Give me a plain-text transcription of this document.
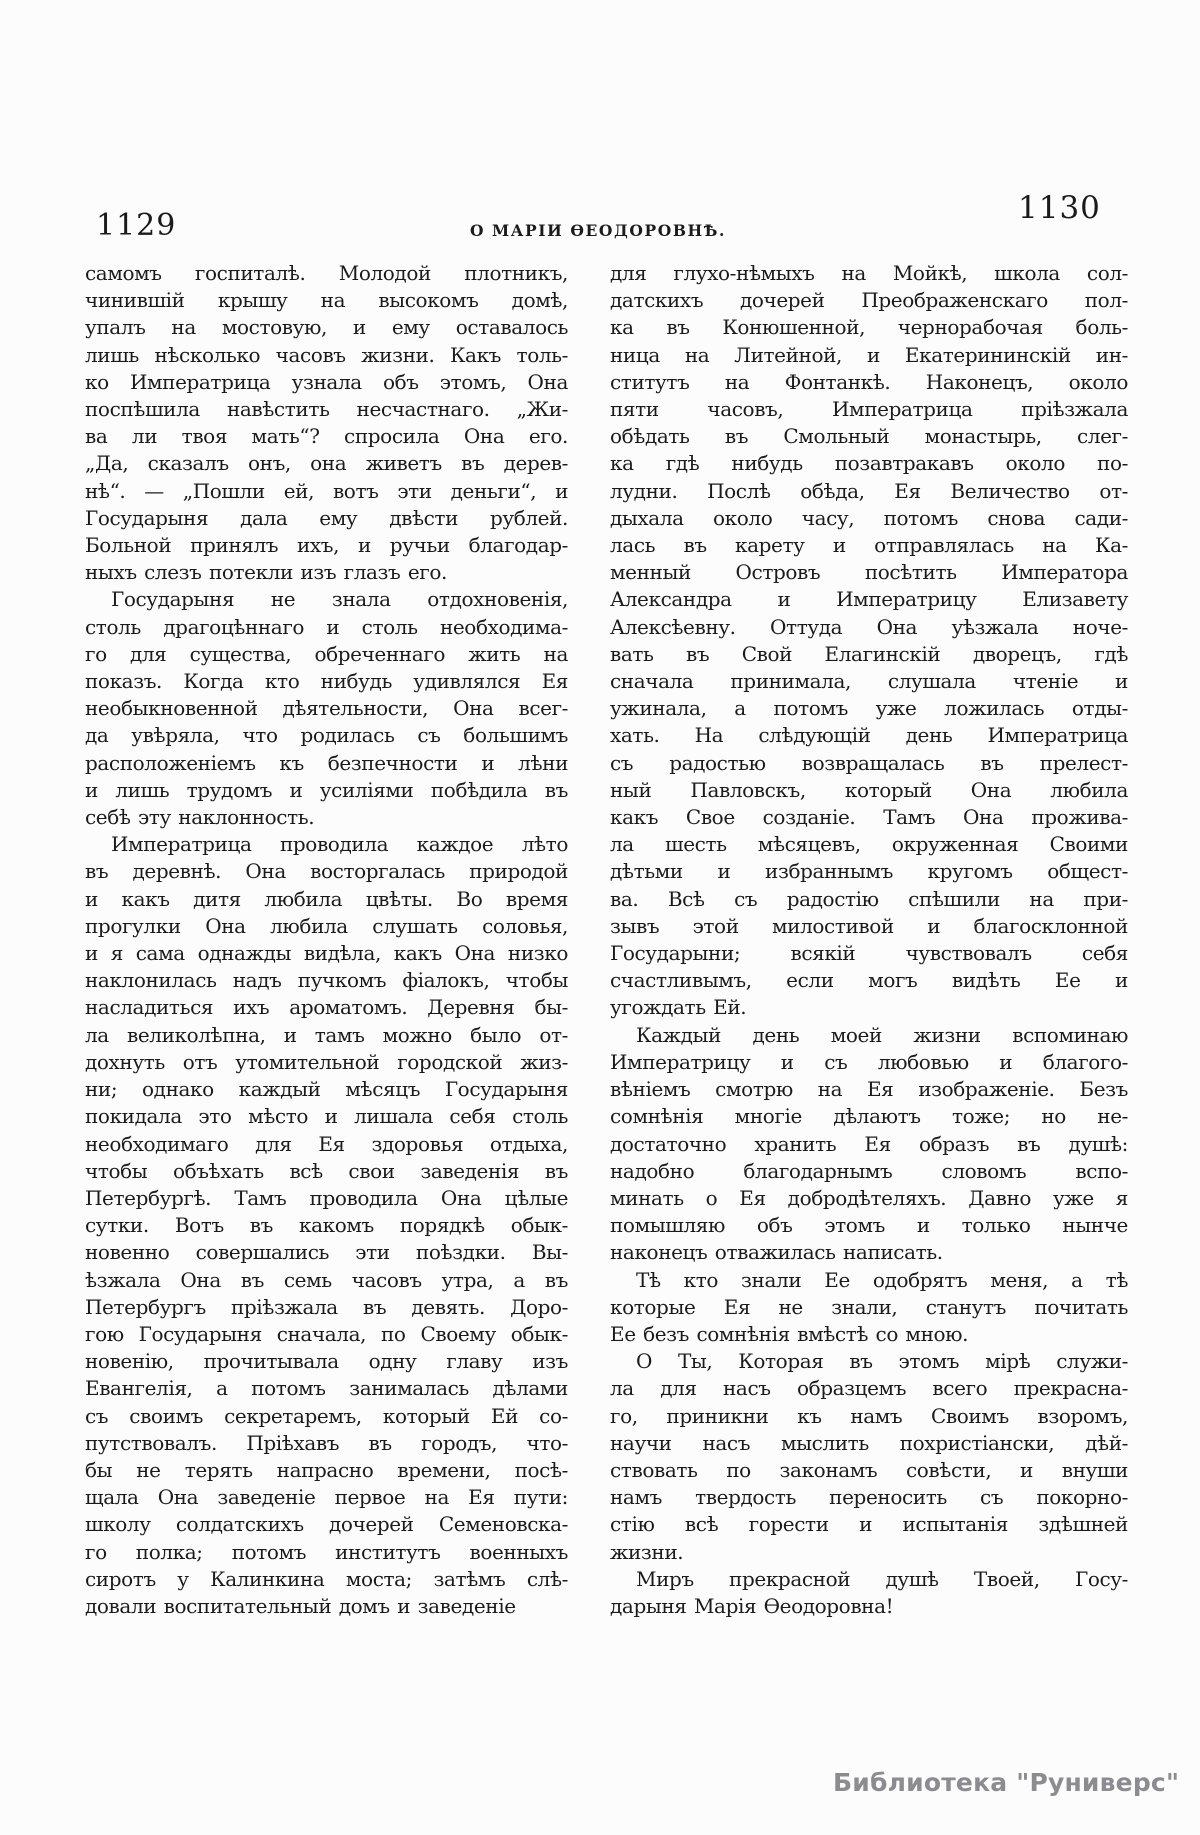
1129	О МАРІИ ѲЕОДОРОВНѢ.
1130
самомъ госпиталѣ. Молодой плотникъ,
чинившій крышу на высокомъ домѣ,
упалъ на мостовую, и ему оставалось
лишь нѣсколько часовъ жизни. Какъ толь-
ко Императрица узнала объ этомъ, Она
поспѣшила навѣстить несчастнаго. „Жи-
ва ли твоя мать“? спросила Она его.
„Да, сказалъ онъ, она живетъ въ дерев-
нѣ“. — „Пошли ей, вотъ эти деньги“, и
Государыня дала ему двѣсти рублей.
Больной принялъ ихъ, и ручьи благодар-
ныхъ слезъ потекли изъ глазъ его.
Государыня не знала отдохновенія,
столь драгоцѣннаго и столь необходима-
го для существа, обреченнаго жить на
показъ. Когда кто нибудь удивлялся Ея
необыкновенной дѣятельности, Она всег-
да увѣряла, что родилась съ большимъ
расположеніемъ къ безпечности и лѣни
и лишь трудомъ и усиліями побѣдила въ
себѣ эту наклонность.
Императрица проводила каждое лѣто
въ деревнѣ. Она восторгалась природой
и какъ дитя любила цвѣты. Во время
прогулки Она любила слушать соловья,
и я сама однажды видѣла, какъ Она низко
наклонилась надъ пучкомъ фіалокъ, чтобы
насладиться ихъ ароматомъ. Деревня бы-
ла великолѣпна, и тамъ можно было от-
дохнуть отъ утомительной городской жиз-
ни; однако каждый мѣсяцъ Государыня
покидала это мѣсто и лишала себя столь
необходимаго для Ея здоровья отдыха,
чтобы объѣхать всѣ свои заведенія въ
Петербургѣ. Тамъ проводила Она цѣлые
сутки. Вотъ въ какомъ порядкѣ обык-
новенно совершались эти поѣздки. Вы-
ѣзжала Она въ семь часовъ утра, а въ
Петербургъ пріѣзжала въ девять. Доро-
гою Государыня сначала, по Своему обык-
новенію, прочитывала одну главу изъ
Евангелія, а потомъ занималась дѣлами
съ своимъ секретаремъ, который Ей со-
путствовалъ. Пріѣхавъ въ городъ, что-
бы не терять напрасно времени, посѣ-
щала Она заведеніе первое на Ея пути:
школу солдатскихъ дочерей Семеновска-
го полка; потомъ институтъ военныхъ
сиротъ у Калинкина моста; затѣмъ слѣ-
довали воспитательный домъ и заведеніе
для глухо-нѣмыхъ на Мойкѣ, школа сол-
датскихъ дочерей Преображенскаго пол-
ка въ Конюшенной, чернорабочая боль-
ница на Литейной, и Екатерининскій ин-
ститутъ на Фонтанкѣ. Наконецъ, около
пяти часовъ, Императрица пріѣзжала
обѣдать въ Смольный монастырь, слег-
ка гдѣ нибудь позавтракавъ около по-
лудни. Послѣ обѣда, Ея Величество от-
дыхала около часу, потомъ снова сади-
лась въ карету и отправлялась на Ка-
менный Островъ посѣтить Императора
Александра и Императрицу Елизавету
Алексѣевну. Оттуда Она уѣзжала ноче-
вать въ Свой Елагинскій дворецъ, гдѣ
сначала принимала, слушала чтеніе и
ужинала, а потомъ уже ложилась отды-
хать. На слѣдующій день Императрица
съ радостью возвращалась въ прелест-
ный Павловскъ, который Она любила
какъ Свое созданіе. Тамъ Она прожива-
ла шесть мѣсяцевъ, окруженная Своими
дѣтьми и избраннымъ кругомъ общест-
ва. Всѣ съ радостію спѣшили на при-
зывъ этой милостивой и благосклонной
Государыни; всякій чувствовалъ себя
счастливымъ, если могъ видѣть Ее и
угождать Ей.
Каждый день моей жизни вспоминаю
Императрицу и съ любовью и благого-
вѣніемъ смотрю на Ея изображеніе. Безъ
сомнѣнія многіе дѣлаютъ тоже; но не-
достаточно хранить Ея образъ въ душѣ:
надобно благодарнымъ словомъ вспо-
минать о Ея добродѣтеляхъ. Давно уже я
помышляю объ этомъ и только нынче
наконецъ отважилась написать.
Тѣ кто знали Ее одобрятъ меня, а тѣ
которые Ея не знали, станутъ почитать
Ее безъ сомнѣнія вмѣстѣ со мною.
О Ты, Которая въ этомъ мірѣ служи-
ла для насъ образцемъ всего прекрасна-
го, приникни къ намъ Своимъ взоромъ,
научи насъ мыслить похристіански, дѣй-
ствовать по законамъ совѣсти, и внуши
намъ твердость переносить съ покорно-
стію всѣ горести и испытанія здѣшней
жизни.
Миръ прекрасной душѣ Твоей, Госу-
дарыня Марія Ѳеодоровна!
Библиотека "Руниверс"
